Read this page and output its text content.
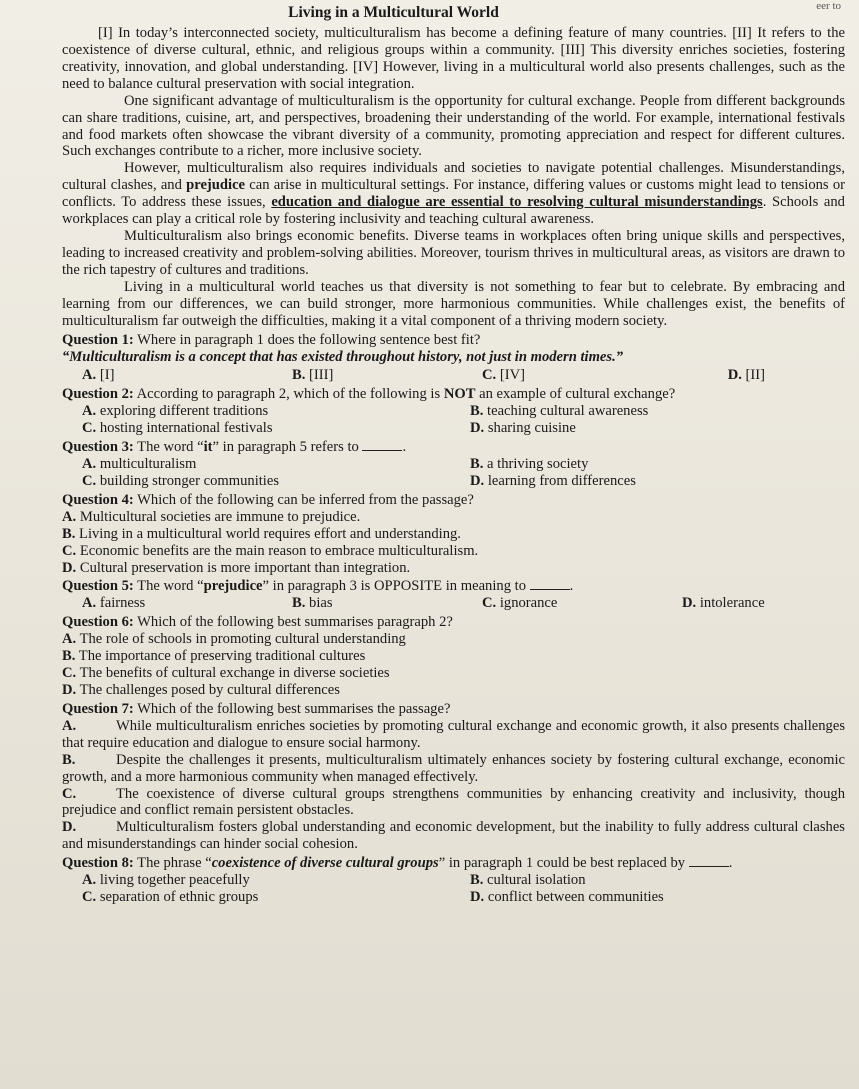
eer to
Living in a Multicultural World

[I] In today’s interconnected society, multiculturalism has become a defining feature of many countries. [II] It refers to the coexistence of diverse cultural, ethnic, and religious groups within a community. [III] This diversity enriches societies, fostering creativity, innovation, and global understanding. [IV] However, living in a multicultural world also presents challenges, such as the need to balance cultural preservation with social integration.

One significant advantage of multiculturalism is the opportunity for cultural exchange. People from different backgrounds can share traditions, cuisine, art, and perspectives, broadening their understanding of the world. For example, international festivals and food markets often showcase the vibrant diversity of a community, promoting appreciation and respect for different cultures. Such exchanges contribute to a richer, more inclusive society.

However, multiculturalism also requires individuals and societies to navigate potential challenges. Misunderstandings, cultural clashes, and prejudice can arise in multicultural settings. For instance, differing values or customs might lead to tensions or conflicts. To address these issues, education and dialogue are essential to resolving cultural misunderstandings. Schools and workplaces can play a critical role by fostering inclusivity and teaching cultural awareness.

Multiculturalism also brings economic benefits. Diverse teams in workplaces often bring unique skills and perspectives, leading to increased creativity and problem-solving abilities. Moreover, tourism thrives in multicultural areas, as visitors are drawn to the rich tapestry of cultures and traditions.

Living in a multicultural world teaches us that diversity is not something to fear but to celebrate. By embracing and learning from our differences, we can build stronger, more harmonious communities. While challenges exist, the benefits of multiculturalism far outweigh the difficulties, making it a vital component of a thriving modern society.

Question 1: Where in paragraph 1 does the following sentence best fit?

“Multiculturalism is a concept that has existed throughout history, not just in modern times.”

A. [I]	B. [III]	C. [IV]	D. [II]

Question 2: According to paragraph 2, which of the following is NOT an example of cultural exchange?

A. exploring different traditions	B. teaching cultural awareness
C. hosting international festivals	D. sharing cuisine

Question 3: The word “it” in paragraph 5 refers to	.

A. multiculturalism	B. a thriving society
C. building stronger communities	D. learning from differences

Question 4: Which of the following can be inferred from the passage?

A. Multicultural societies are immune to prejudice.

B. Living in a multicultural world requires effort and understanding.

C. Economic benefits are the main reason to embrace multiculturalism.

D. Cultural preservation is more important than integration.

Question 5: The word “prejudice” in paragraph 3 is OPPOSITE in meaning to	.

A. fairness	B. bias	C. ignorance	D. intolerance

Question 6: Which of the following best summarises paragraph 2?

A. The role of schools in promoting cultural understanding

B. The importance of preserving traditional cultures

C. The benefits of cultural exchange in diverse societies

D. The challenges posed by cultural differences

Question 7: Which of the following best summarises the passage?

A.	While multiculturalism enriches societies by promoting cultural exchange and economic growth, it also presents challenges that require education and dialogue to ensure social harmony.

B.	Despite the challenges it presents, multiculturalism ultimately enhances society by fostering cultural exchange, economic growth, and a more harmonious community when managed effectively.

C.	The coexistence of diverse cultural groups strengthens communities by enhancing creativity and inclusivity, though prejudice and conflict remain persistent obstacles.

D.	Multiculturalism fosters global understanding and economic development, but the inability to fully address cultural clashes and misunderstandings can hinder social cohesion.

Question 8: The phrase “coexistence of diverse cultural groups” in paragraph 1 could be best replaced by	.

A. living together peacefully	B. cultural isolation
C. separation of ethnic groups	D. conflict between communities
